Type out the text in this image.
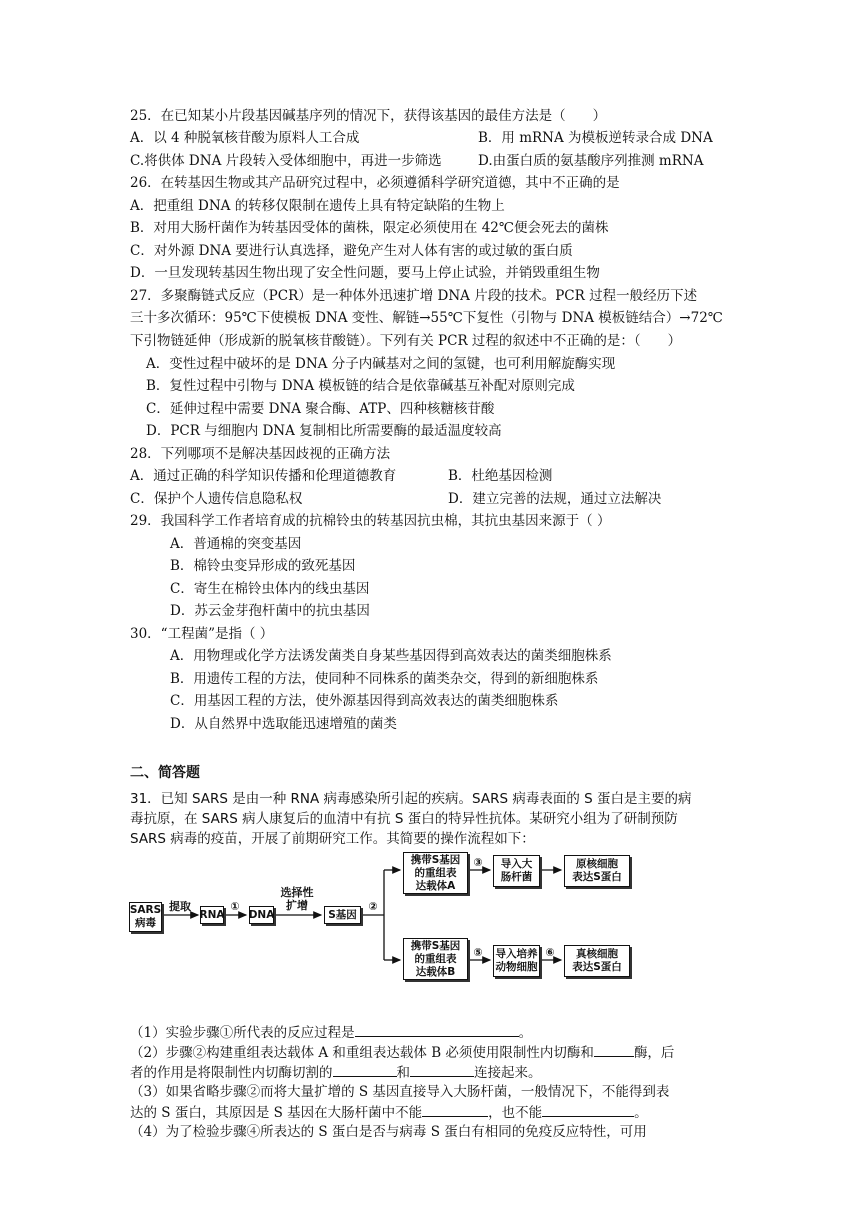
25．在已知某小片段基因碱基序列的情况下，获得该基因的最佳方法是（　　）
A．以 4 种脱氧核苷酸为原料人工合成	B．用 mRNA 为模板逆转录合成 DNA
C.将供体 DNA 片段转入受体细胞中，再进一步筛选	D.由蛋白质的氨基酸序列推测 mRNA
26．在转基因生物或其产品研究过程中，必须遵循科学研究道德，其中不正确的是
A．把重组 DNA 的转移仅限制在遗传上具有特定缺陷的生物上
B．对用大肠杆菌作为转基因受体的菌株，限定必须使用在 42℃便会死去的菌株
C．对外源 DNA 要进行认真选择，避免产生对人体有害的或过敏的蛋白质
D．一旦发现转基因生物出现了安全性问题，要马上停止试验，并销毁重组生物
27．多聚酶链式反应（PCR）是一种体外迅速扩增 DNA 片段的技术。PCR 过程一般经历下述
三十多次循环：95℃下使模板 DNA 变性、解链→55℃下复性（引物与 DNA 模板链结合）→72℃
下引物链延伸（形成新的脱氧核苷酸链）。下列有关 PCR 过程的叙述中不正确的是：（　　）
A．变性过程中破坏的是 DNA 分子内碱基对之间的氢键，也可利用解旋酶实现
B．复性过程中引物与 DNA 模板链的结合是依靠碱基互补配对原则完成
C．延伸过程中需要 DNA 聚合酶、ATP、四种核糖核苷酸
D．PCR 与细胞内 DNA 复制相比所需要酶的最适温度较高
28．下列哪项不是解决基因歧视的正确方法
A．通过正确的科学知识传播和伦理道德教育	B．杜绝基因检测
C．保护个人遗传信息隐私权	D．建立完善的法规，通过立法解决
29．我国科学工作者培育成的抗棉铃虫的转基因抗虫棉，其抗虫基因来源于（ ）
A．普通棉的突变基因
B．棉铃虫变异形成的致死基因
C．寄生在棉铃虫体内的线虫基因
D．苏云金芽孢杆菌中的抗虫基因
30．“工程菌”是指（ ）
A．用物理或化学方法诱发菌类自身某些基因得到高效表达的菌类细胞株系
B．用遗传工程的方法，使同种不同株系的菌类杂交，得到的新细胞株系
C．用基因工程的方法，使外源基因得到高效表达的菌类细胞株系
D．从自然界中选取能迅速增殖的菌类
二、简答题
31．已知 SARS 是由一种 RNA 病毒感染所引起的疾病。SARS 病毒表面的 S 蛋白是主要的病
毒抗原，在 SARS 病人康复后的血清中有抗 S 蛋白的特异性抗体。某研究小组为了研制预防
SARS 病毒的疫苗，开展了前期研究工作。其简要的操作流程如下：
SARS
病毒
提取
RNA
①
DNA
选择性
扩增
S基因
②
携带S基因
的重组表
达载体A
③	导入大
肠杆菌
原核细胞
表达S蛋白
携带S基因
的重组表
达载体B
⑤	导入培养
动物细胞
⑥	真核细胞
表达S蛋白
（1）实验步骤①所代表的反应过程是	。
（2）步骤②构建重组表达载体 A 和重组表达载体 B 必须使用限制性内切酶和	酶，后
者的作用是将限制性内切酶切割的	和	连接起来。
（3）如果省略步骤②而将大量扩增的 S 基因直接导入大肠杆菌，一般情况下，不能得到表
达的 S 蛋白，其原因是 S 基因在大肠杆菌中不能	，也不能	。
（4）为了检验步骤④所表达的 S 蛋白是否与病毒 S 蛋白有相同的免疫反应特性，可用
